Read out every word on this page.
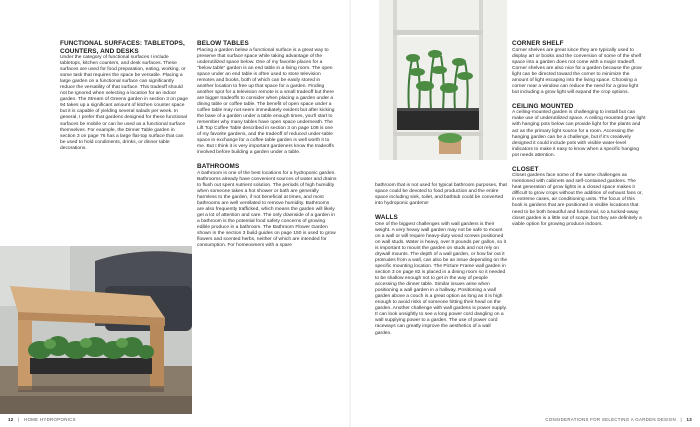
FUNCTIONAL SURFACES: TABLETOPS, COUNTERS, AND DESKS

Under the category of functional surfaces I include tabletops, kitchen counters, and desk surfaces. These surfaces are used for food preparation, eating, working, or some task that requires the space be versatile. Placing a large garden on a functional surface can significantly reduce the versatility of that surface. This tradeoff should not be ignored when selecting a location for an indoor garden. The Stream of Greens garden in section 3 on page 94 takes up a significant amount of kitchen counter space but it is capable of yielding several salads per week. In general, I prefer that gardens designed for these functional surfaces be mobile or can be used as a functional surface themselves. For example, the Dinner Table garden in section 3 on page 76 has a large flat-top surface that can be used to hold condiments, drinks, or dinner table decorations.

BELOW TABLES

Placing a garden below a functional surface is a great way to preserve that surface space while taking advantage of the underutilized space below. One of my favorite places for a "below table" garden is an end table in a living room. The open space under an end table is often used to store television remotes and books, both of which can be easily stored in another location to free up that space for a garden. Finding another spot for a television remote is a small tradeoff but there are bigger tradeoffs to consider when placing a garden under a dining table or coffee table. The benefit of open space under a coffee table may not seem immediately evident but after kicking the base of a garden under a table enough times, you'll start to remember why many tables have open space underneath. The Lift Top Coffee Table described in section 3 on page 108 is one of my favorite gardens, and the tradeoff of reduced under-table space in exchange for a coffee table garden is well worth it to me. But I think it is very important gardeners know the tradeoffs involved before building a garden under a table.

BATHROOMS

A bathroom is one of the best locations for a hydroponic garden. Bathrooms already have convenient sources of water and drains to flush out spent nutrient solution. The periods of high humidity when someone takes a hot shower or bath are generally harmless to the garden, if not beneficial at times, and most bathrooms are well ventilated to remove humidity. Bathrooms are also frequently trafficked, which means the garden will likely get a lot of attention and care. The only downside of a garden in a bathroom is the potential food safety concerns of growing edible produce in a bathroom. The Bathroom Flower Garden shown in the section 3 build guides on page 150 is used to grow flowers and scented herbs, neither of which are intended for consumption. For homeowners with a spare

12 | HOME HYDROPONICS

bathroom that is not used for typical bathroom purposes, that space could be devoted to food production and the entire space including sink, toilet, and bathtub could be converted into hydroponic gardens!

WALLS

One of the biggest challenges with wall gardens is their weight. A very heavy wall garden may not be safe to mount on a wall or will require heavy-duty wood screws positioned on wall studs. Water is heavy, over 8 pounds per gallon, so it is important to mount the garden on studs and not rely on drywall mounts. The depth of a wall garden, or how far out it protrudes from a wall, can also be an issue depending on the specific mounting location. The Picture Frame wall garden in section 3 on page 82 is placed in a dining room so it needed to be shallow enough not to get in the way of people accessing the dinner table. Similar issues arise when positioning a wall garden in a hallway. Positioning a wall garden above a couch is a great option as long as it is high enough to avoid risks of someone hitting their head on the garden. Another challenge with wall gardens is power supply. It can look unsightly to see a long power cord dangling on a wall supplying power to a garden. The use of power cord raceways can greatly improve the aesthetics of a wall garden.

CORNER SHELF

Corner shelves are great since they are typically used to display art or books and the conversion of some of the shelf space into a garden does not come with a major tradeoff. Corner shelves are also nice for a garden because the grow light can be directed toward the corner to minimize the amount of light escaping into the living space. Choosing a corner near a window can reduce the need for a grow light but including a grow light will expand the crop options.

CEILING MOUNTED

A ceiling-mounted garden is challenging to install but can make use of underutilized space. A ceiling mounted grow light with hanging pots below can provide light for the plants and act as the primary light source for a room. Accessing the hanging garden can be a challenge, but if it's creatively designed it could include pots with visible water-level indicators to make it easy to know when a specific hanging pot needs attention.

CLOSET

Closet gardens face some of the same challenges as mentioned with cabinets and self-contained gardens. The heat generation of grow lights in a closed space makes it difficult to grow crops without the addition of exhaust fans or, in extreme cases, air conditioning units. The focus of this book is gardens that are positioned in visible locations that need to be both beautiful and functional, so a tucked-away closet garden is a little out of scope, but they are definitely a viable option for growing produce indoors.

CONSIDERATIONS FOR SELECTING A GARDEN DESIGN | 13
